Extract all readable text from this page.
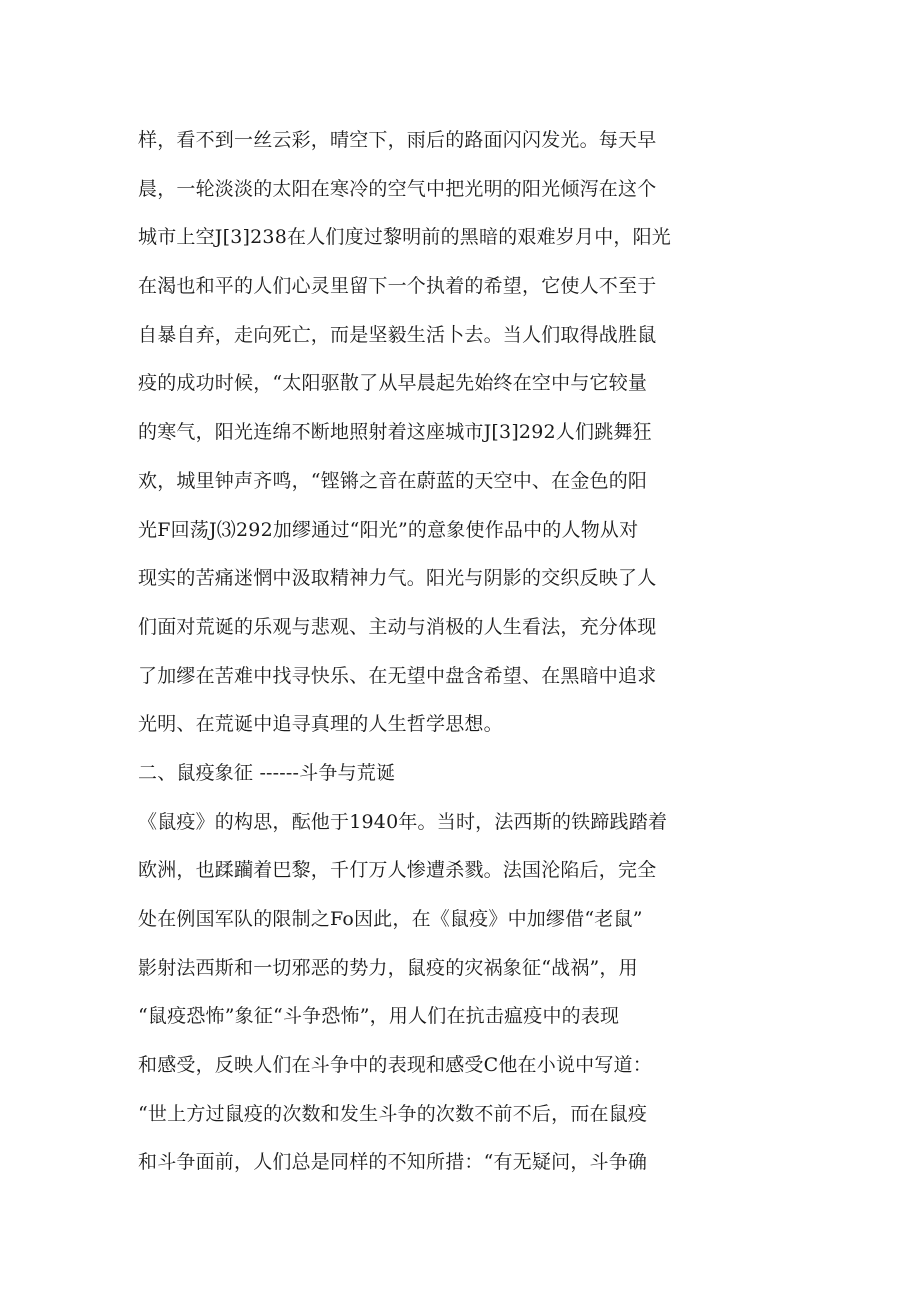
样，看不到一丝云彩，晴空下，雨后的路面闪闪发光。每天早
晨，一轮淡淡的太阳在寒冷的空气中把光明的阳光倾泻在这个
城市上空J[3]238在人们度过黎明前的黑暗的艰难岁月中，阳光
在渴也和平的人们心灵里留下一个执着的希望，它使人不至于
自暴自弃，走向死亡，而是坚毅生活卜去。当人们取得战胜鼠
疫的成功时候，“太阳驱散了从早晨起先始终在空中与它较量
的寒气，阳光连绵不断地照射着这座城市J[3]292人们跳舞狂
欢，城里钟声齐鸣，“铿锵之音在蔚蓝的天空中、在金色的阳
光F回荡J⑶292加缪通过“阳光”的意象使作品中的人物从对
现实的苦痛迷惘中汲取精神力气。阳光与阴影的交织反映了人
们面对荒诞的乐观与悲观、主动与消极的人生看法，充分体现
了加缪在苦难中找寻快乐、在无望中盘含希望、在黑暗中追求
光明、在荒诞中追寻真理的人生哲学思想。
二、鼠疫象征 ------斗争与荒诞
《鼠疫》的构思，酝他于1940年。当时，法西斯的铁蹄践踏着
欧洲，也蹂躏着巴黎，千仃万人惨遭杀戮。法国沦陷后，完全
处在例国军队的限制之Fo因此，在《鼠疫》中加缪借“老鼠”
影射法西斯和一切邪恶的势力，鼠疫的灾祸象征“战祸”，用
“鼠疫恐怖”象征“斗争恐怖”，用人们在抗击瘟疫中的表现
和感受，反映人们在斗争中的表现和感受C他在小说中写道：
“世上方过鼠疫的次数和发生斗争的次数不前不后，而在鼠疫
和斗争面前，人们总是同样的不知所措：“有无疑问，斗争确
